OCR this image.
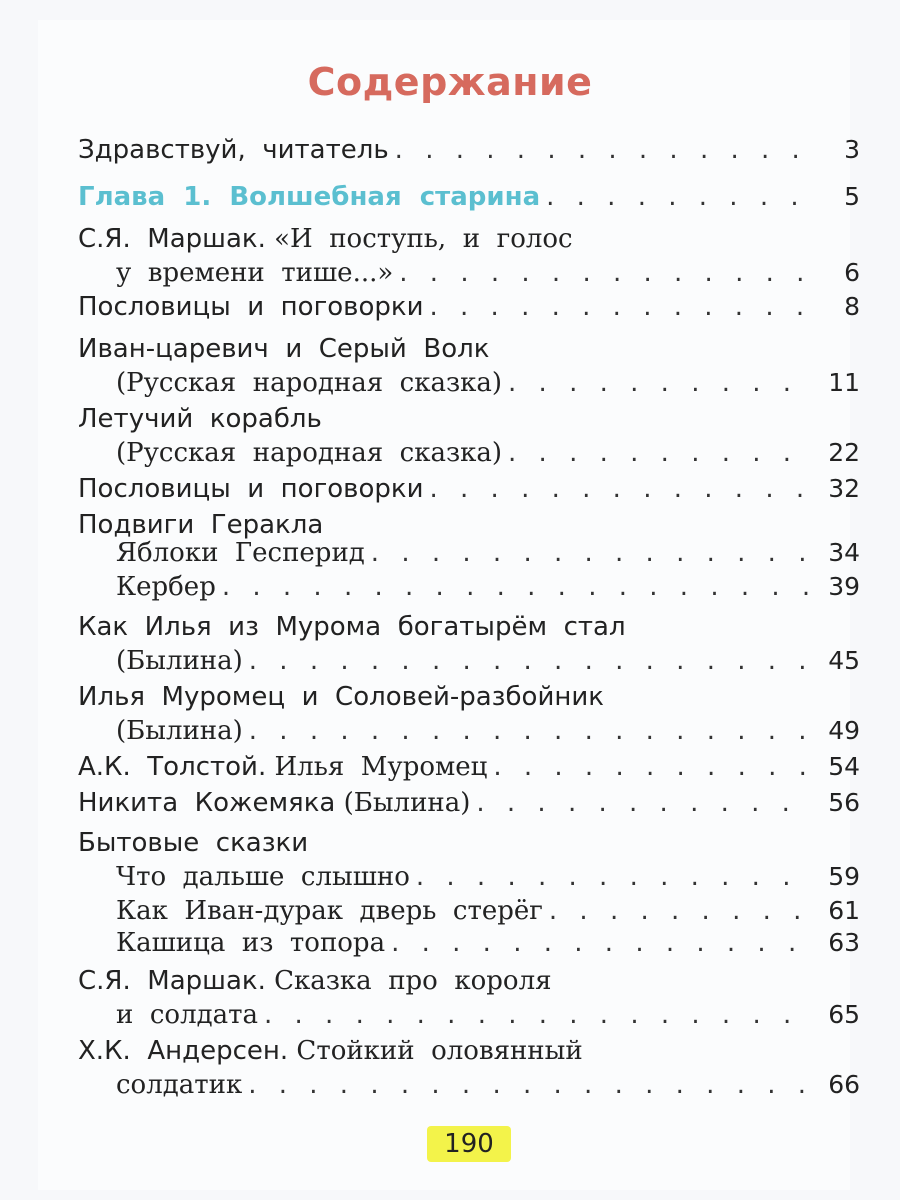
Содержание
Здравствуй,  читатель . . .	3
Глава  1.  Волшебная  старина . . .	5
С.Я.  Маршак. «И  поступь,  и  голос
у  времени  тише...» . . .	6
Пословицы  и  поговорки . . .	8
Иван-царевич  и  Серый  Волк
(Русская  народная  сказка) . . .	11
Летучий  корабль
(Русская  народная  сказка) . . .	22
Пословицы  и  поговорки . . .	32
Подвиги  Геракла
Яблоки  Гесперид . . .	34
Кербер . . .	39
Как  Илья  из  Мурома  богатырём  стал
(Былина) . . .	45
Илья  Муромец  и  Соловей-разбойник
(Былина) . . .	49
А.К.  Толстой. Илья  Муромец . . .	54
Никита  Кожемяка (Былина) . . .	56
Бытовые  сказки
Что  дальше  слышно . . .	59
Как  Иван-дурак  дверь  стерёг . . .	61
Кашица  из  топора . . .	63
С.Я.  Маршак. Сказка  про  короля
и  солдата . . .	65
Х.К.  Андерсен. Стойкий  оловянный
солдатик . . .	66
190
